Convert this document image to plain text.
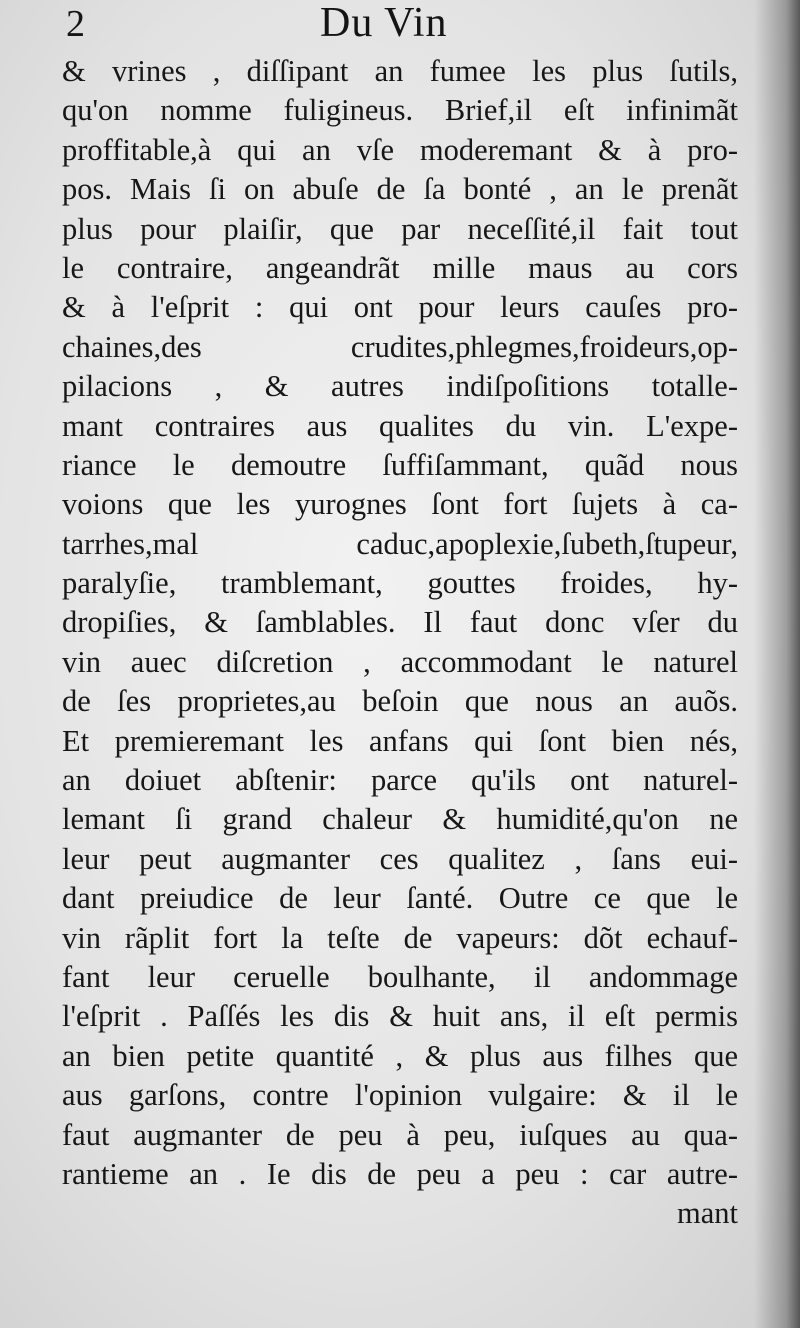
2	Du Vin
& vrines , diſſipant an fumee les plus ſutils,
qu'on nomme fuligineus. Brief,il eſt infinimãt
proffitable,à qui an vſe moderemant & à pro-
pos. Mais ſi on abuſe de ſa bonté , an le prenãt
plus pour plaiſir, que par neceſſité,il fait tout
le contraire, angeandrãt mille maus au cors
& à l'eſprit : qui ont pour leurs cauſes pro-
chaines,des crudites,phlegmes,froideurs,op-
pilacions , & autres indiſpoſitions totalle-
mant contraires aus qualites du vin. L'expe-
riance le demoutre ſuffiſammant, quãd nous
voions que les yurognes ſont fort ſujets à ca-
tarrhes,mal caduc,apoplexie,ſubeth,ſtupeur,
paralyſie, tramblemant, gouttes froides, hy-
dropiſies, & ſamblables. Il faut donc vſer du
vin auec diſcretion , accommodant le naturel
de ſes proprietes,au beſoin que nous an auõs.
Et premieremant les anfans qui ſont bien nés,
an doiuet abſtenir: parce qu'ils ont naturel-
lemant ſi grand chaleur & humidité,qu'on ne
leur peut augmanter ces qualitez , ſans eui-
dant preiudice de leur ſanté. Outre ce que le
vin rãplit fort la teſte de vapeurs: dõt echauf-
fant leur ceruelle boulhante, il andommage
l'eſprit . Paſſés les dis & huit ans, il eſt permis
an bien petite quantité , & plus aus filhes que
aus garſons, contre l'opinion vulgaire: & il le
faut augmanter de peu à peu, iuſques au qua-
rantieme an . Ie dis de peu a peu : car autre-
mant
